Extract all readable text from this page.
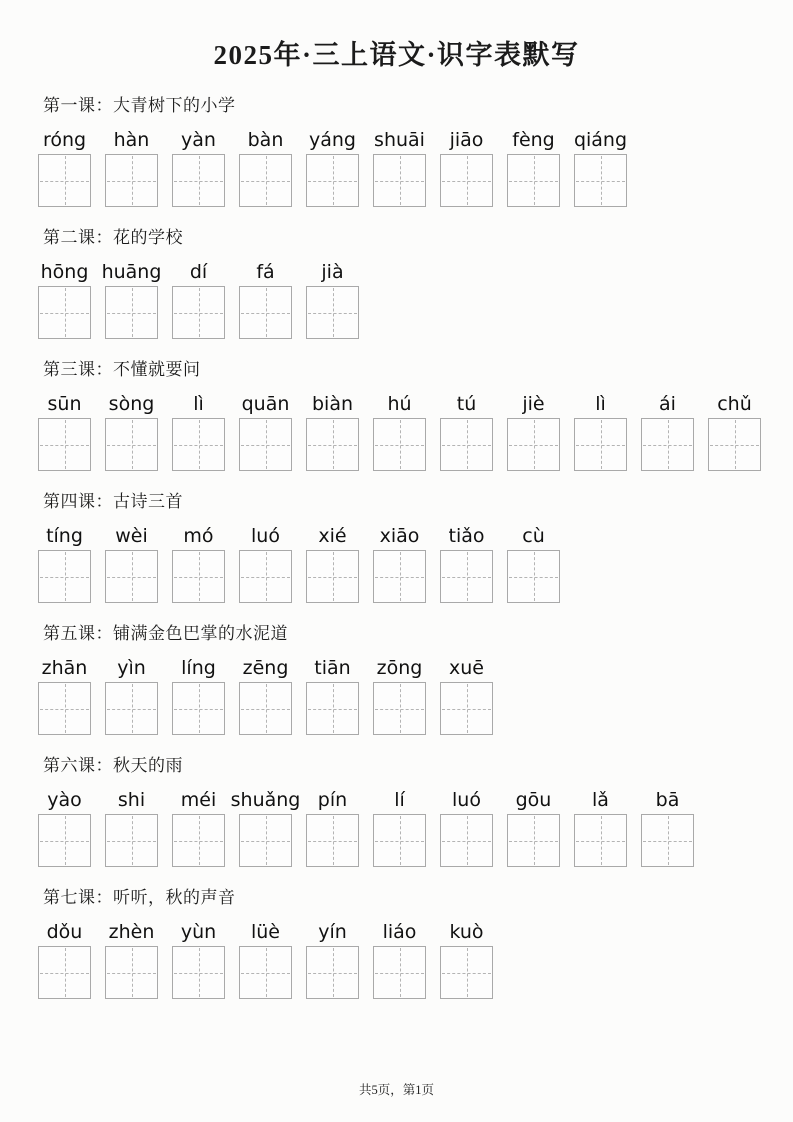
2025年·三上语文·识字表默写
第一课：大青树下的小学
róng	hàn	yàn	bàn	yáng shuāi	jiāo	fèng qiáng
第二课：花的学校
hōng huāng	dí	fá	jià
第三课：不懂就要问
sūn	sòng	lì	quān	biàn	hú	tú	jiè	lì	ái	chǔ
第四课：古诗三首
tíng	wèi	mó	luó	xié	xiāo	tiǎo	cù
第五课：铺满金色巴掌的水泥道
zhān	yìn	líng	zēng	tiān	zōng	xuē
第六课：秋天的雨
yào	shi	méi shuǎng pín	lí	luó	gōu	lǎ	bā
第七课：听听，秋的声音
dǒu	zhèn	yùn	lüè	yín	liáo	kuò
共5页，第1页
